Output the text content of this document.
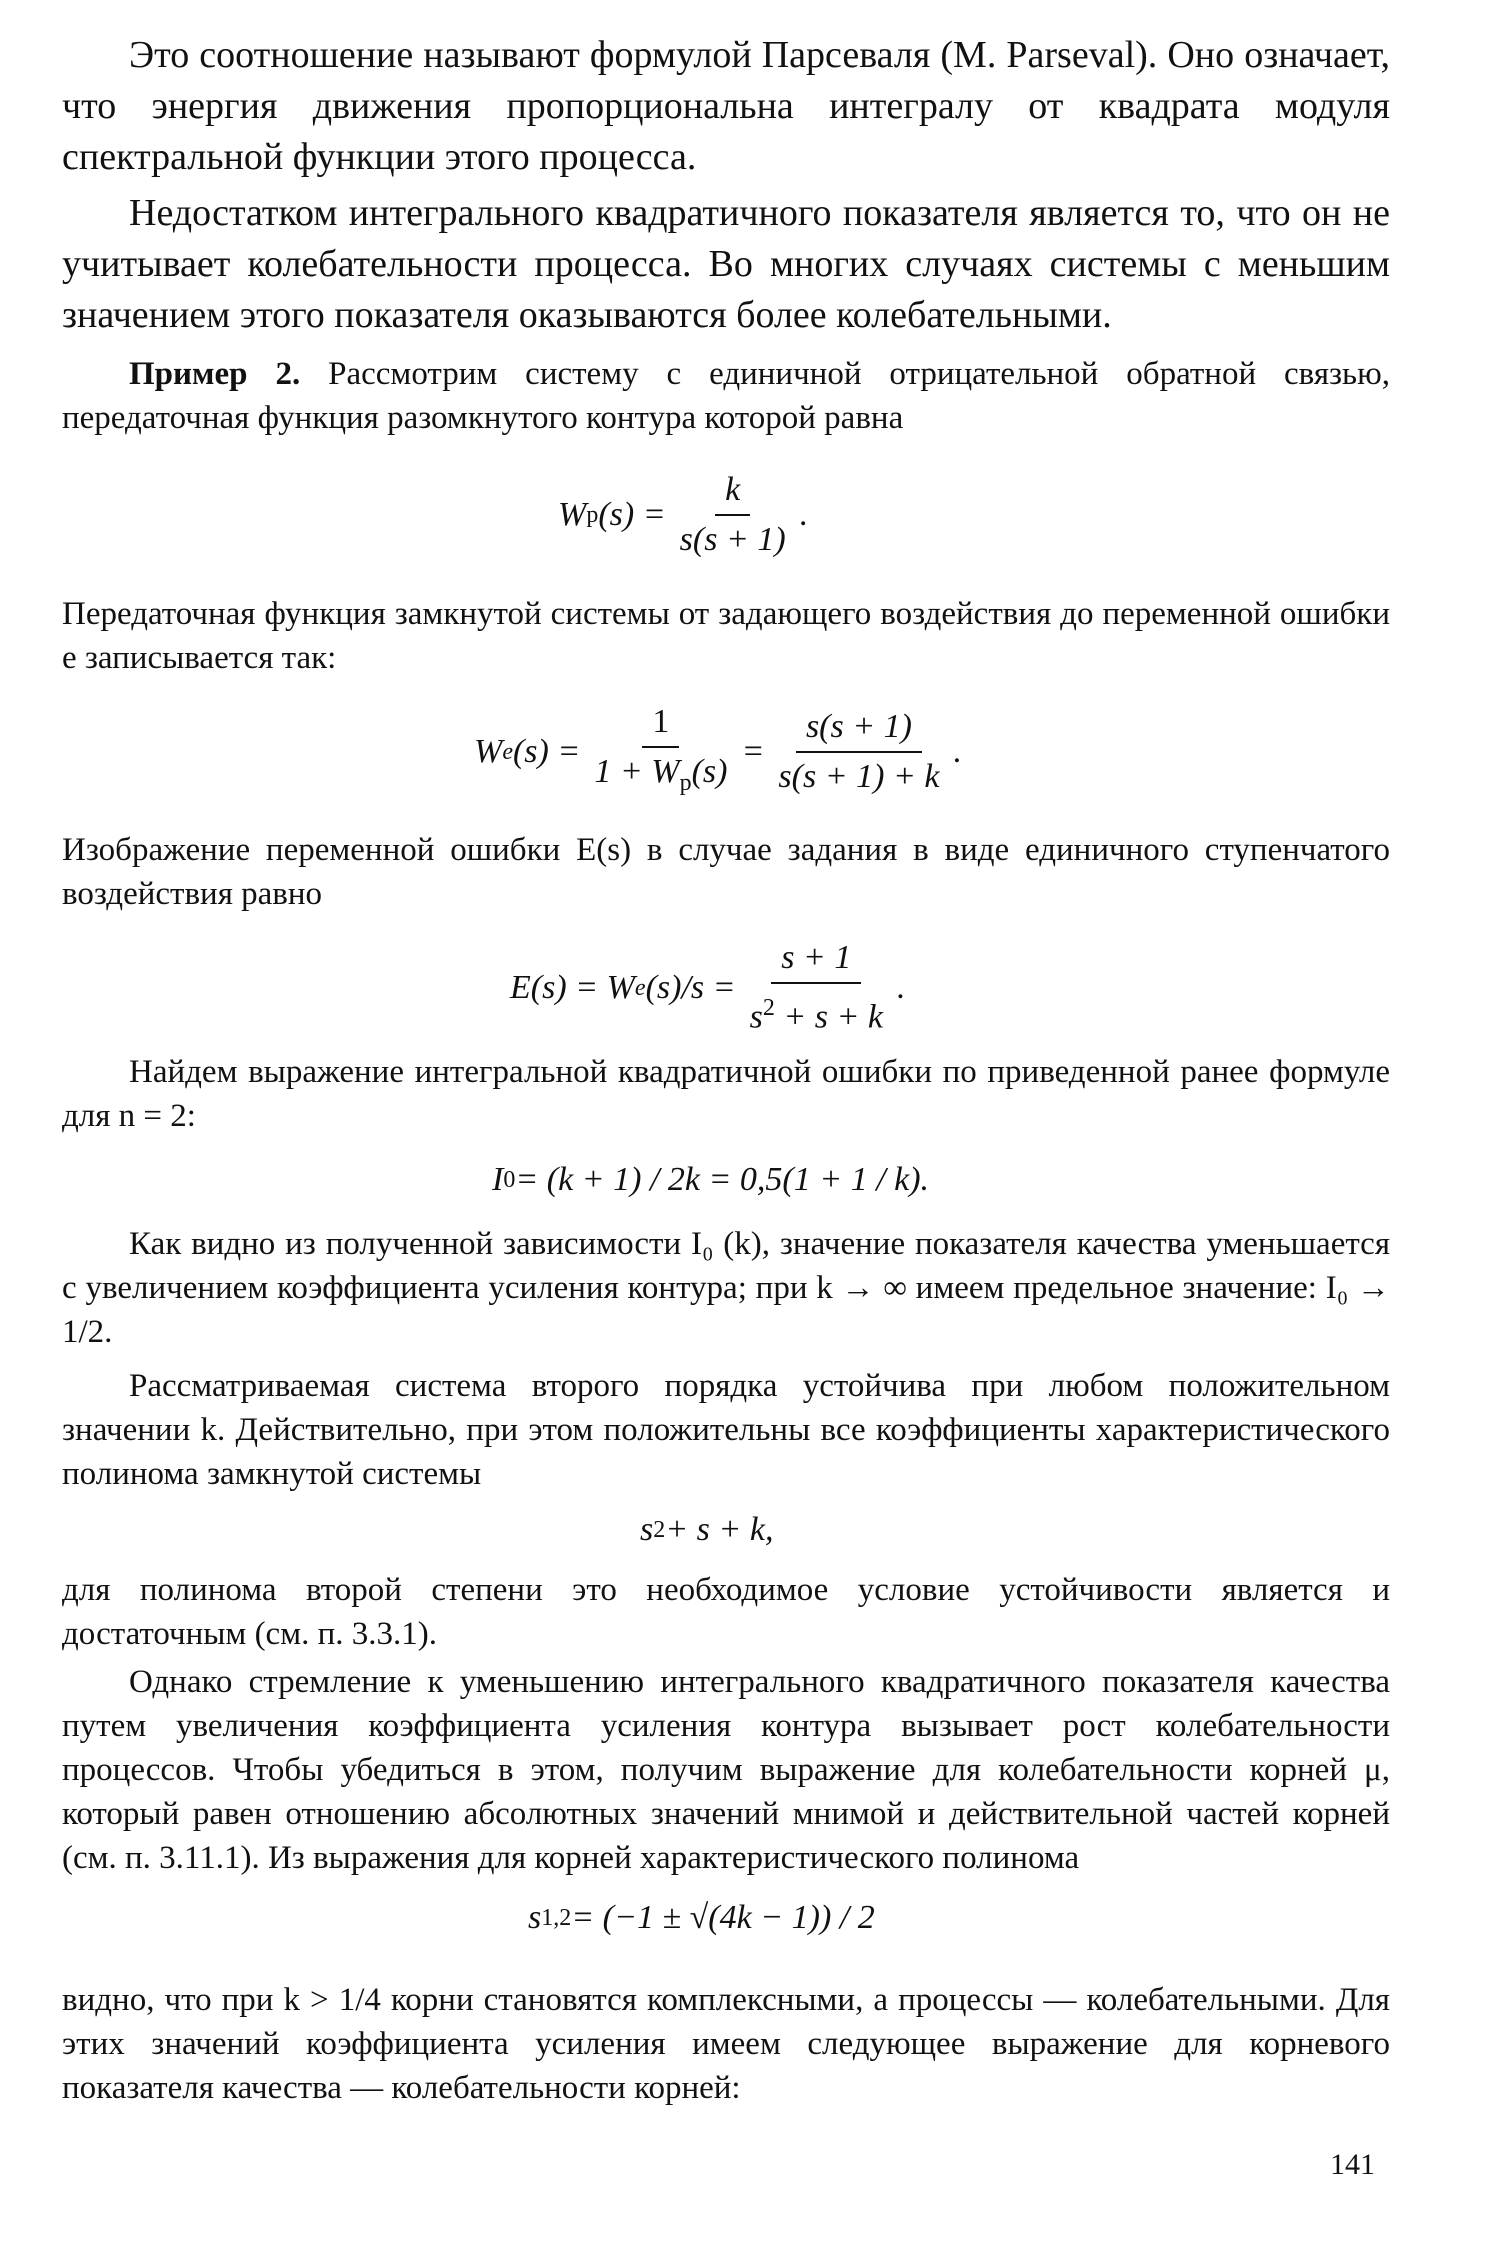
Это соотношение называют формулой Парсеваля (M. Parseval). Оно означает, что энергия движения пропорциональна интегралу от квадрата модуля спектральной функции этого процесса.
Недостатком интегрального квадратичного показателя является то, что он не учитывает колебательности процесса. Во многих случаях системы с меньшим значением этого показателя оказываются более колебательными.
Пример 2. Рассмотрим систему с единичной отрицательной обратной связью, передаточная функция разомкнутого контура которой равна
W p $(s) = \frac{k}{s(s + 1)}$ .
Передаточная функция замкнутой системы от задающего воздействия до переменной ошибки e записывается так:
W e $(s) = \frac{1}{1 + W_p(s)} = \frac{s(s + 1)}{s(s + 1) + k}$ .
Изображение переменной ошибки E(s) в случае задания в виде единичного ступенчатого воздействия равно
E(s) = W e $(s)/s = \frac{s + 1}{s^2 + s + k}$ .
Найдем выражение интегральной квадратичной ошибки по приведенной ранее формуле для n = 2:
I 0 = (k + 1) / 2k = 0,5(1 + 1 / k).
Как видно из полученной зависимости I₀ (k), значение показателя качества уменьшается с увеличением коэффициента усиления контура; при k → ∞ имеем предельное значение: I₀ → 1/2.
Рассматриваемая система второго порядка устойчива при любом положительном значении k. Действительно, при этом положительны все коэффициенты характеристического полинома замкнутой системы
s 2 + s + k,
для полинома второй степени это необходимое условие устойчивости является и достаточным (см. п. 3.3.1).
Однако стремление к уменьшению интегрального квадратичного показателя качества путем увеличения коэффициента усиления контура вызывает рост колебательности процессов. Чтобы убедиться в этом, получим выражение для колебательности корней μ, который равен отношению абсолютных значений мнимой и действительной частей корней (см. п. 3.11.1). Из выражения для корней характеристического полинома
s 1,2 = (−1 ± √(4k − 1)) / 2
видно, что при k > 1/4 корни становятся комплексными, а процессы — колебательными. Для этих значений коэффициента усиления имеем следующее выражение для корневого показателя качества — колебательности корней:
141
